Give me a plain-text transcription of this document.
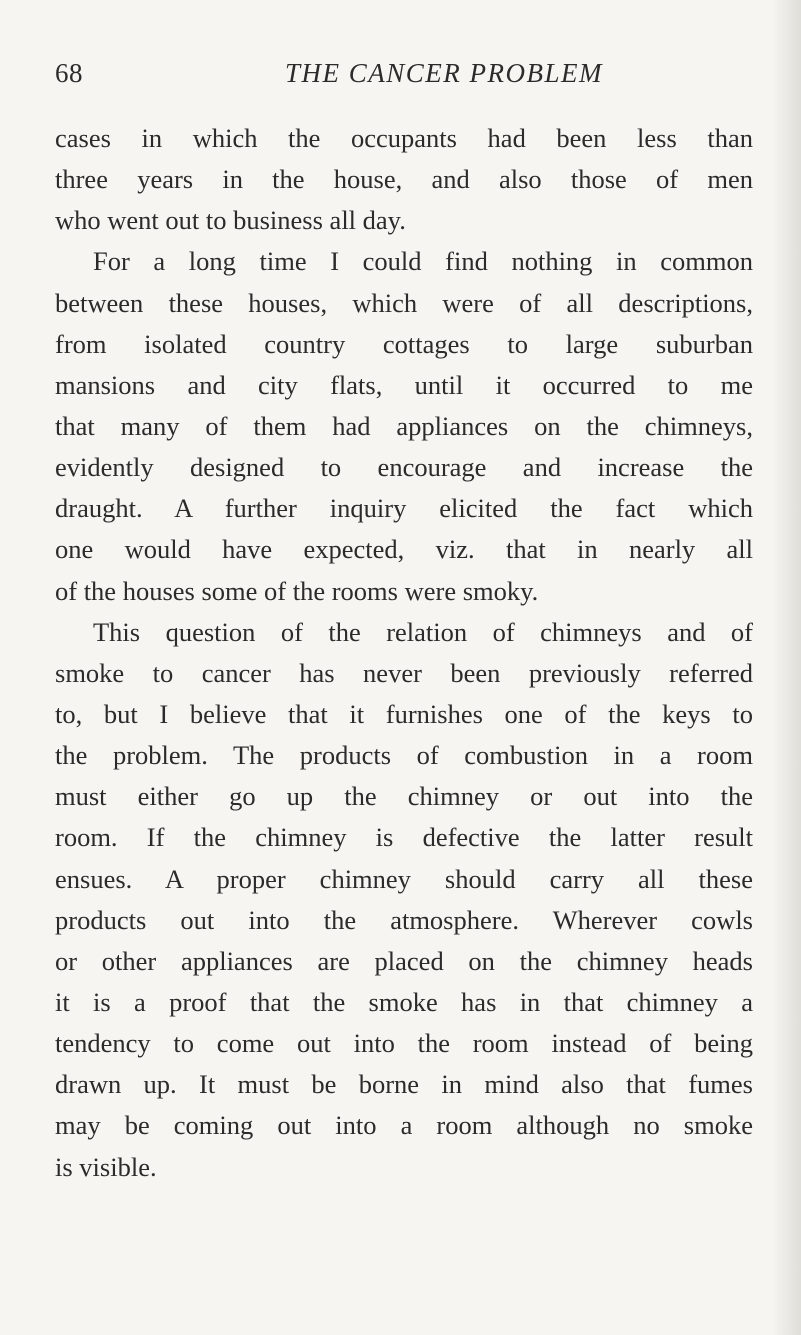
68	THE CANCER PROBLEM
cases in which the occupants had been less than
three years in the house, and also those of men
who went out to business all day.
For a long time I could find nothing in common
between these houses, which were of all descriptions,
from isolated country cottages to large suburban
mansions and city flats, until it occurred to me
that many of them had appliances on the chimneys,
evidently designed to encourage and increase the
draught. A further inquiry elicited the fact which
one would have expected, viz. that in nearly all
of the houses some of the rooms were smoky.
This question of the relation of chimneys and of
smoke to cancer has never been previously referred
to, but I believe that it furnishes one of the keys to
the problem. The products of combustion in a room
must either go up the chimney or out into the
room. If the chimney is defective the latter result
ensues. A proper chimney should carry all these
products out into the atmosphere. Wherever cowls
or other appliances are placed on the chimney heads
it is a proof that the smoke has in that chimney a
tendency to come out into the room instead of being
drawn up. It must be borne in mind also that fumes
may be coming out into a room although no smoke
is visible.
